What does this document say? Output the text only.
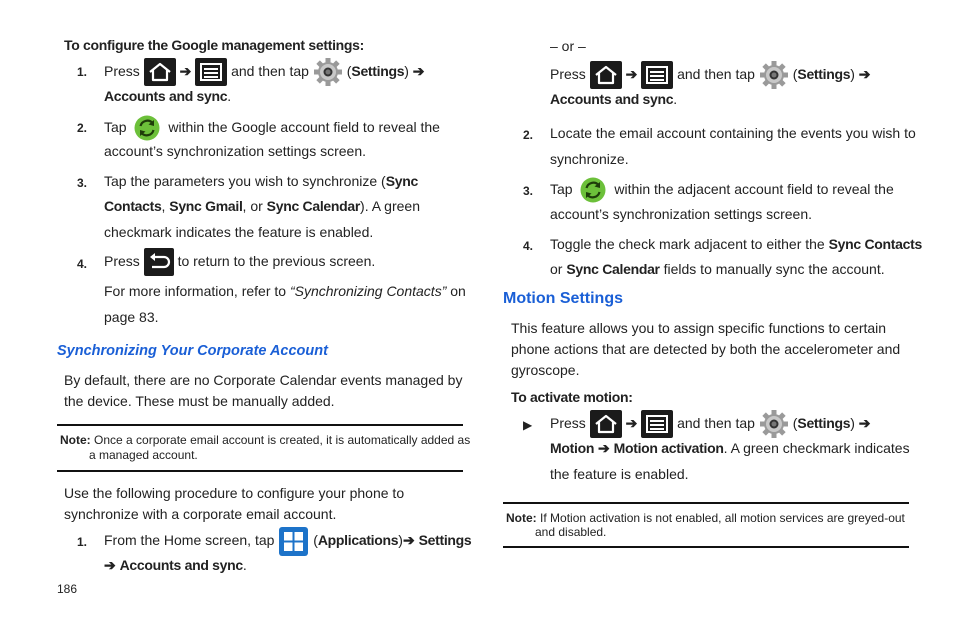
To configure the Google management settings:
1. Press	➔	and then tap	(Settings) ➔
Accounts and sync.
2. Tap	within the Google account field to reveal the
account’s synchronization settings screen.
3. Tap the parameters you wish to synchronize (Sync
Contacts, Sync Gmail, or Sync Calendar). A green
checkmark indicates the feature is enabled.
4. Press	to return to the previous screen.
For more information, refer to “Synchronizing Contacts” on
page 83.
Synchronizing Your Corporate Account
By default, there are no Corporate Calendar events managed by
the device. These must be manually added.
Note: Once a corporate email account is created, it is automatically added as
a managed account.
Use the following procedure to configure your phone to
synchronize with a corporate email account.
1. From the Home screen, tap	(Applications)➔ Settings
➔ Accounts and sync.
186
– or –
Press	➔	and then tap	(Settings) ➔
Accounts and sync.
2. Locate the email account containing the events you wish to
synchronize.
3. Tap	within the adjacent account field to reveal the
account’s synchronization settings screen.
4. Toggle the check mark adjacent to either the Sync Contacts
or Sync Calendar fields to manually sync the account.
Motion Settings
This feature allows you to assign specific functions to certain
phone actions that are detected by both the accelerometer and
gyroscope.
To activate motion:
▶ Press	➔	and then tap	(Settings) ➔
Motion ➔ Motion activation. A green checkmark indicates
the feature is enabled.
Note: If Motion activation is not enabled, all motion services are greyed-out
and disabled.
